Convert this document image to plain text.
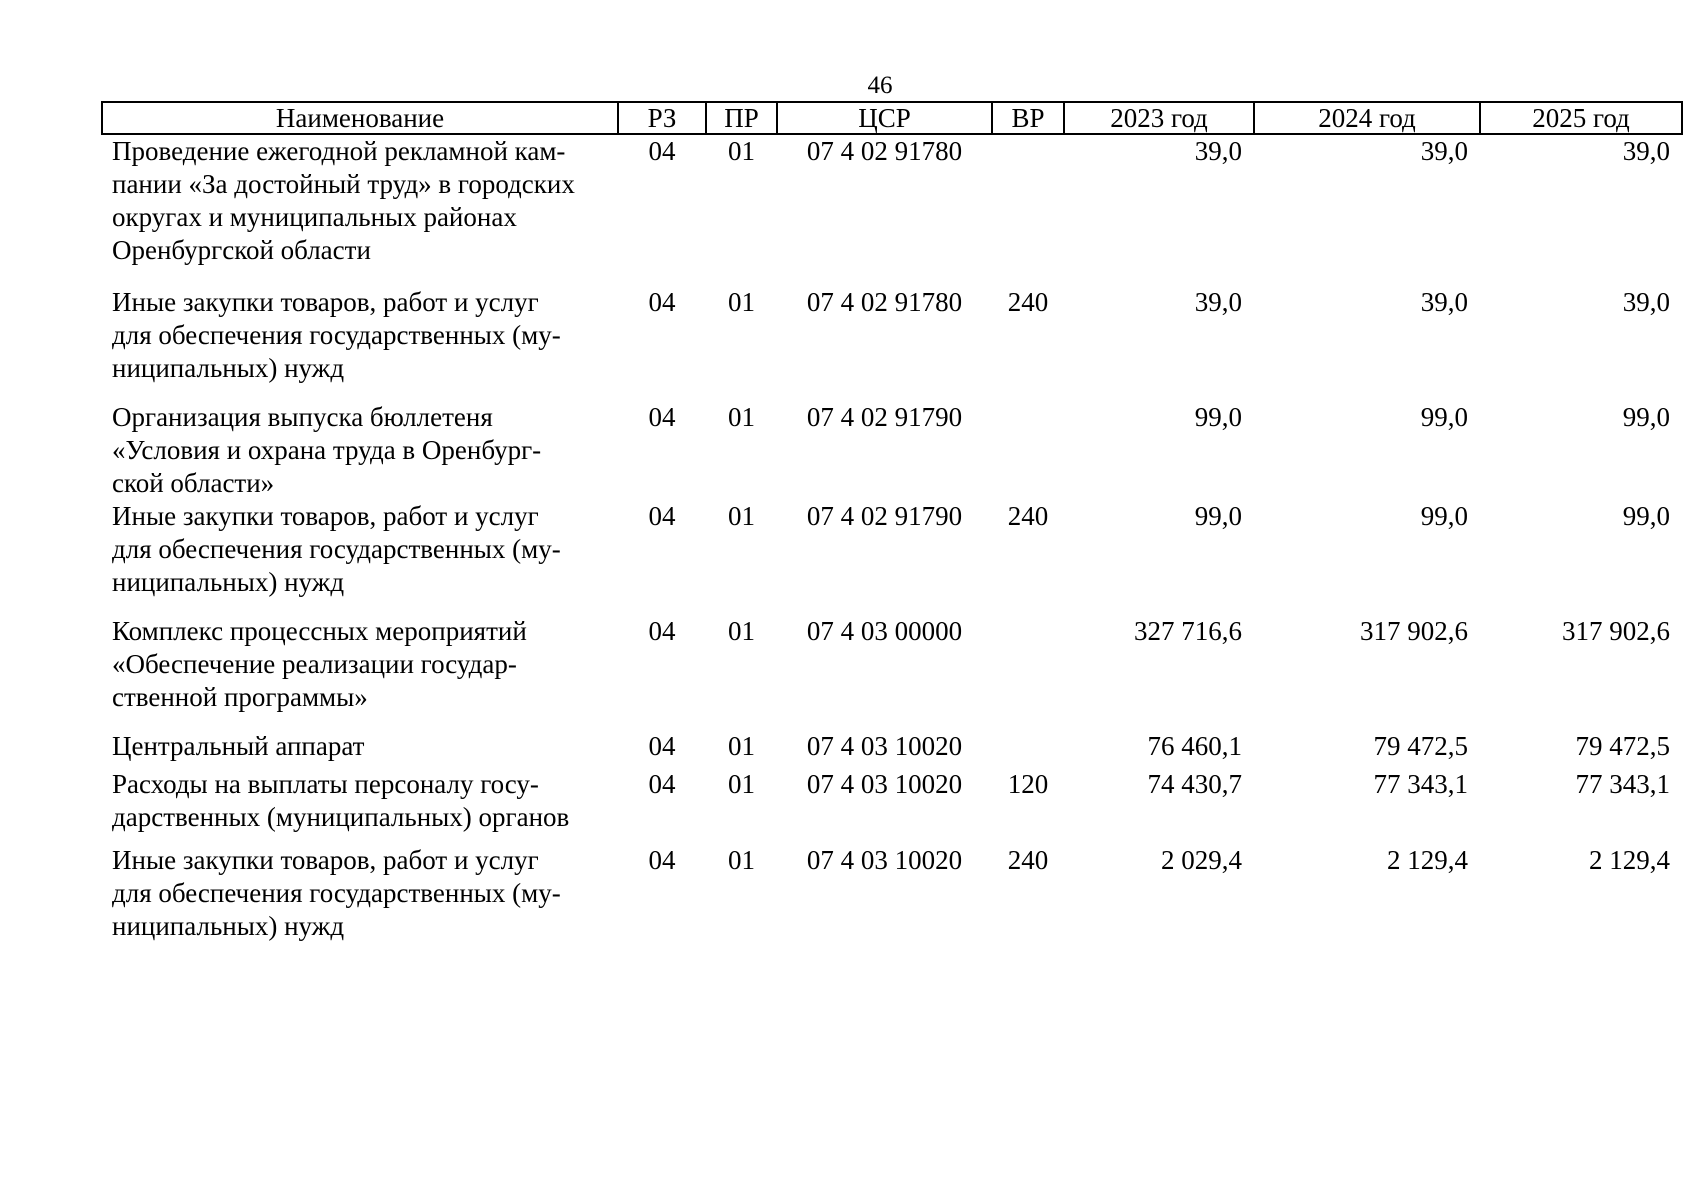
46
Наименование	РЗ	ПР	ЦСР	ВР	2023 год	2024 год	2025 год
Проведение ежегодной рекламной кам-
пании «За достойный труд» в городских
округах и муниципальных районах
Оренбургской области	04	01	07 4 02 91780		39,0	39,0	39,0
Иные закупки товаров, работ и услуг
для обеспечения государственных (му-
ниципальных) нужд	04	01	07 4 02 91780	240	39,0	39,0	39,0
Организация выпуска бюллетеня
«Условия и охрана труда в Оренбург-
ской области»	04	01	07 4 02 91790		99,0	99,0	99,0
Иные закупки товаров, работ и услуг
для обеспечения государственных (му-
ниципальных) нужд	04	01	07 4 02 91790	240	99,0	99,0	99,0
Комплекс процессных мероприятий
«Обеспечение реализации государ-
ственной программы»	04	01	07 4 03 00000		327 716,6	317 902,6	317 902,6
Центральный аппарат	04	01	07 4 03 10020		76 460,1	79 472,5	79 472,5
Расходы на выплаты персоналу госу-
дарственных (муниципальных) органов	04	01	07 4 03 10020	120	74 430,7	77 343,1	77 343,1
Иные закупки товаров, работ и услуг
для обеспечения государственных (му-
ниципальных) нужд	04	01	07 4 03 10020	240	2 029,4	2 129,4	2 129,4
